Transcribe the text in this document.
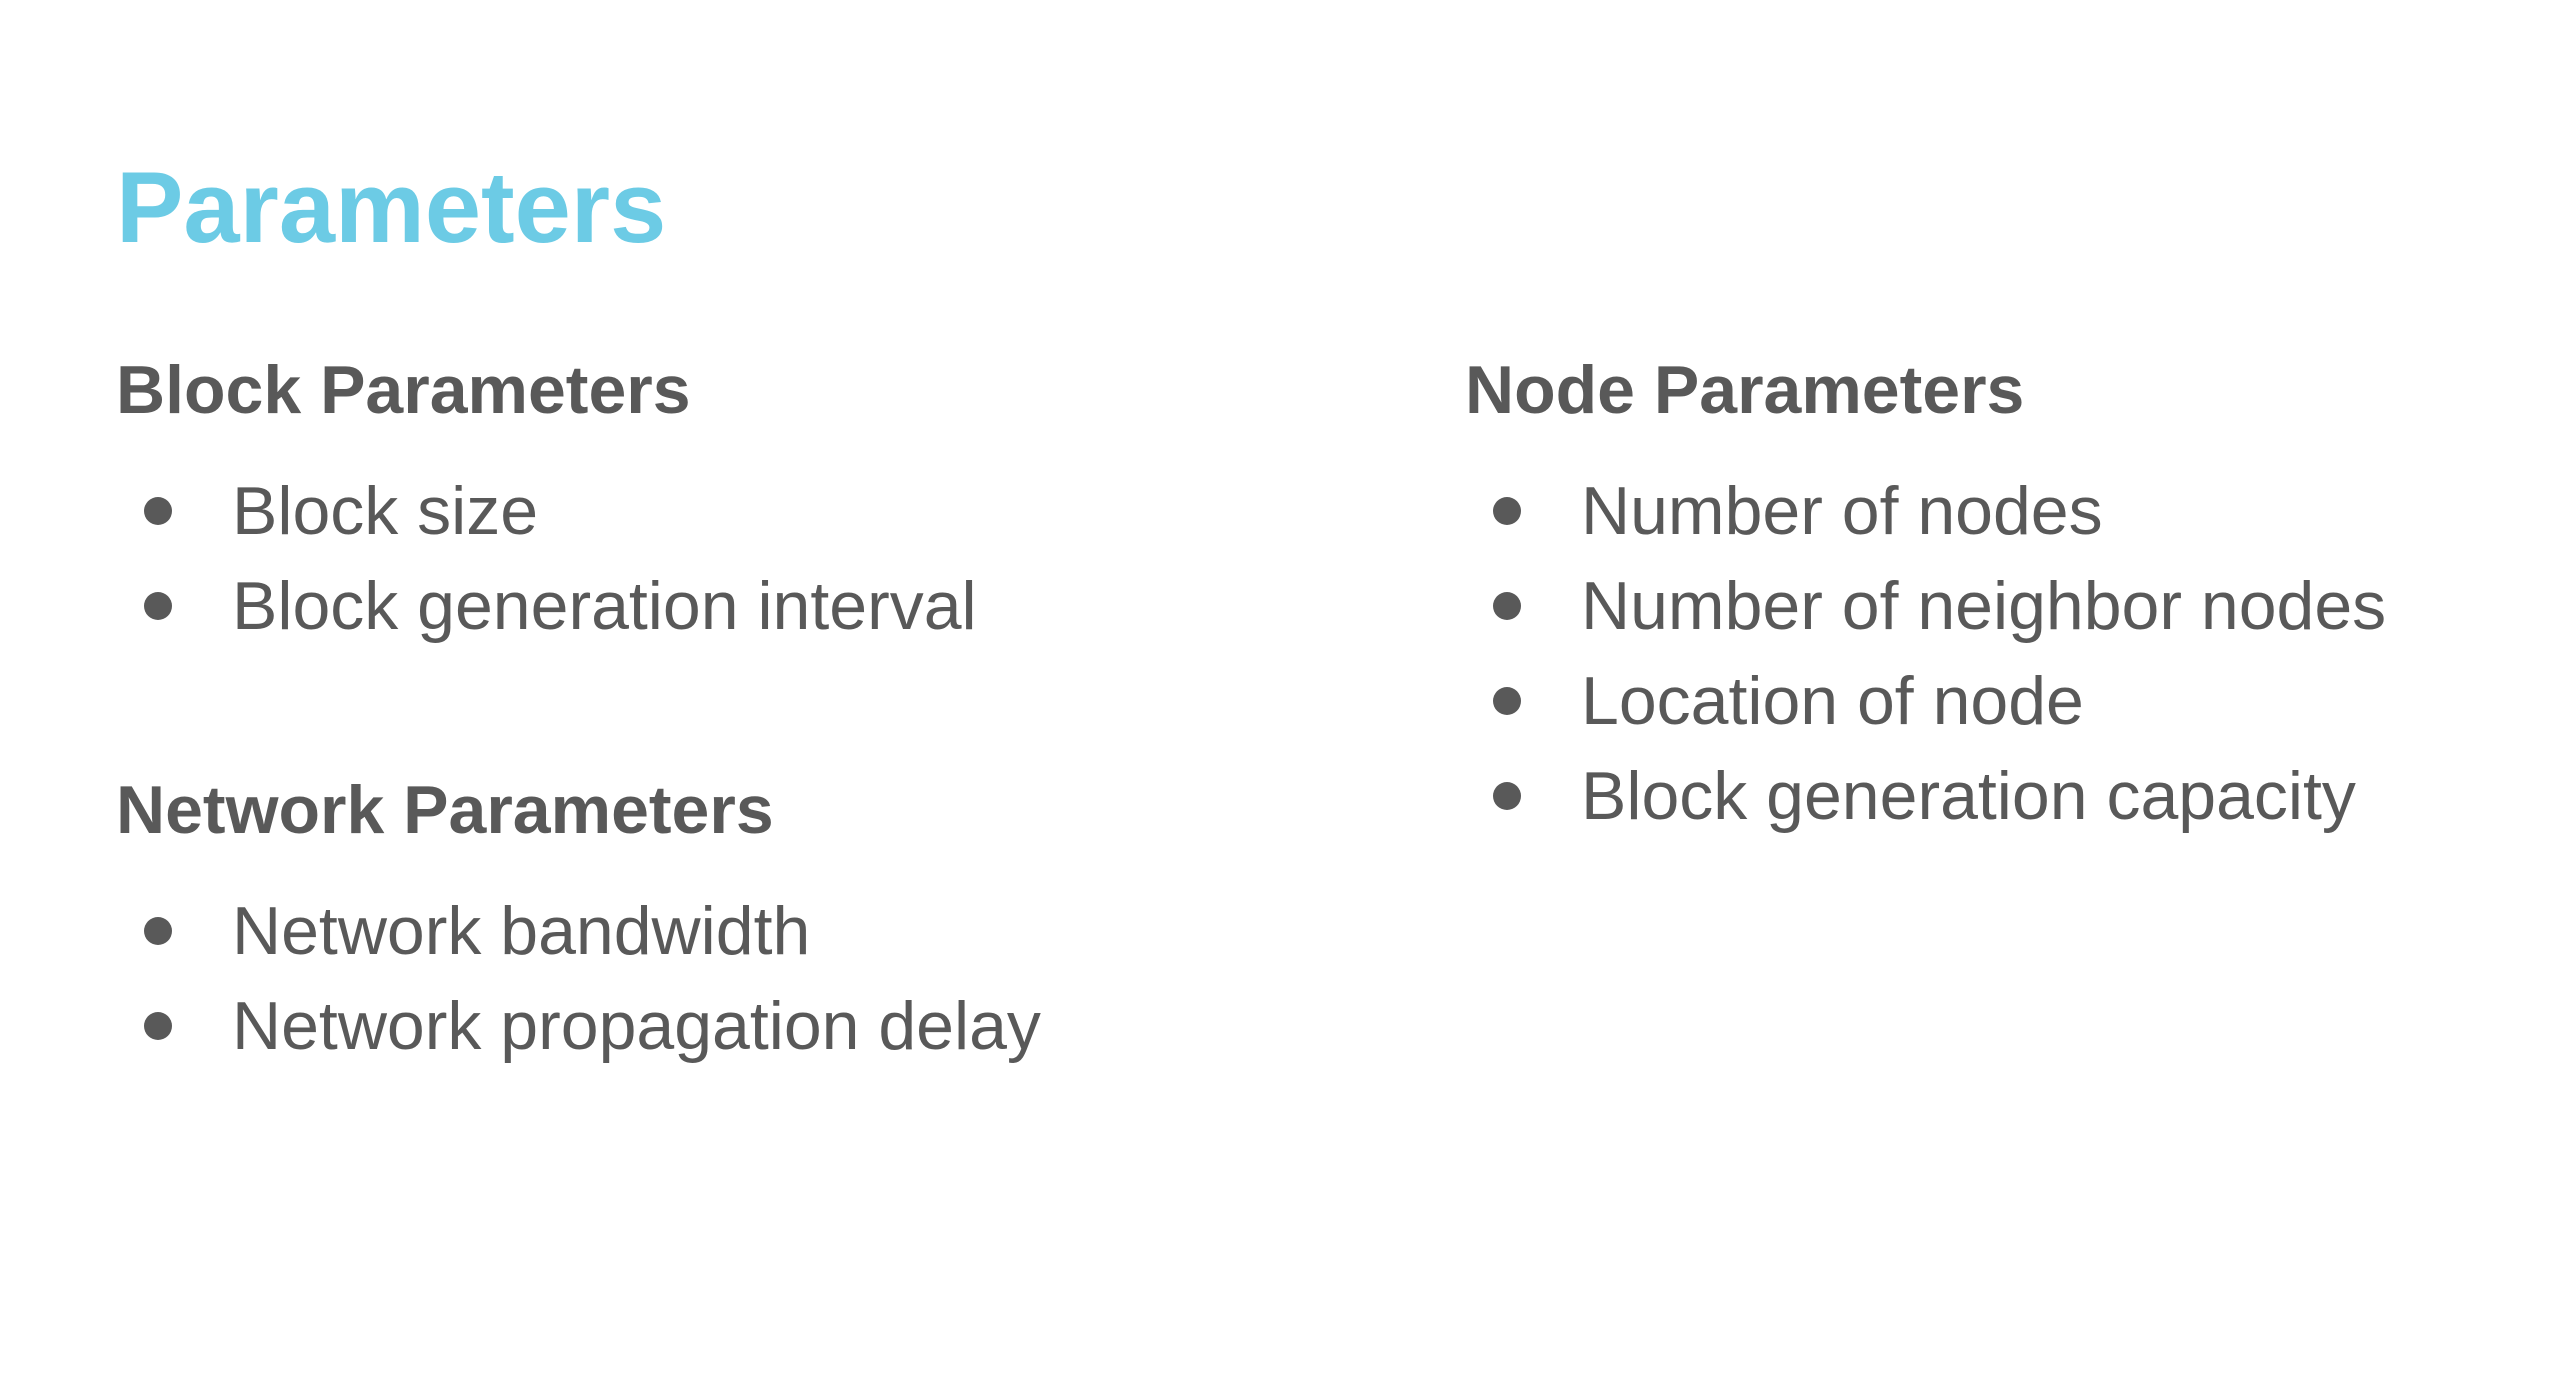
Parameters
Block Parameters
Block size
Block generation interval
Network Parameters
Network bandwidth
Network propagation delay
Node Parameters
Number of nodes
Number of neighbor nodes
Location of node
Block generation capacity
